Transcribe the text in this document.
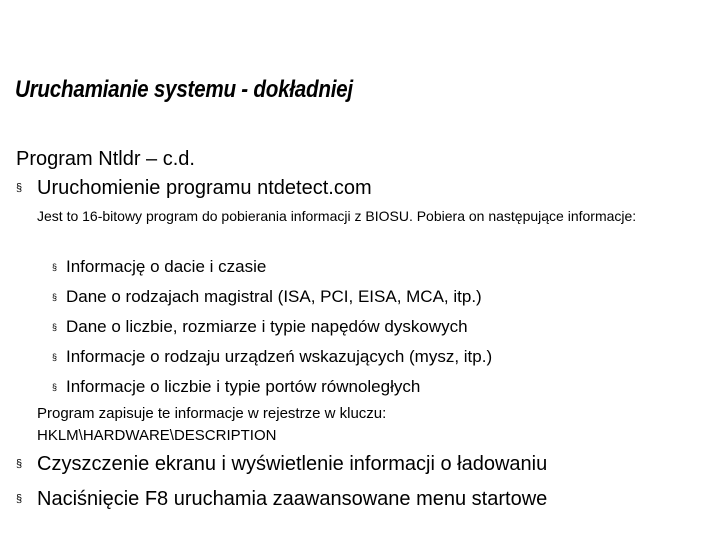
Uruchamianie systemu - dokładniej
Program Ntldr – c.d.
§ Uruchomienie programu ntdetect.com
Jest to 16-bitowy program do pobierania informacji z BIOSU. Pobiera on następujące informacje:
§ Informację o dacie i czasie
§ Dane o rodzajach magistral (ISA, PCI, EISA, MCA, itp.)
§ Dane o liczbie, rozmiarze i typie napędów dyskowych
§ Informacje o rodzaju urządzeń wskazujących (mysz, itp.)
§ Informacje o liczbie i typie portów równoległych
Program zapisuje te informacje w rejestrze w kluczu:
HKLM\HARDWARE\DESCRIPTION
§ Czyszczenie ekranu i wyświetlenie informacji o ładowaniu
§ Naciśnięcie F8 uruchamia zaawansowane menu startowe
